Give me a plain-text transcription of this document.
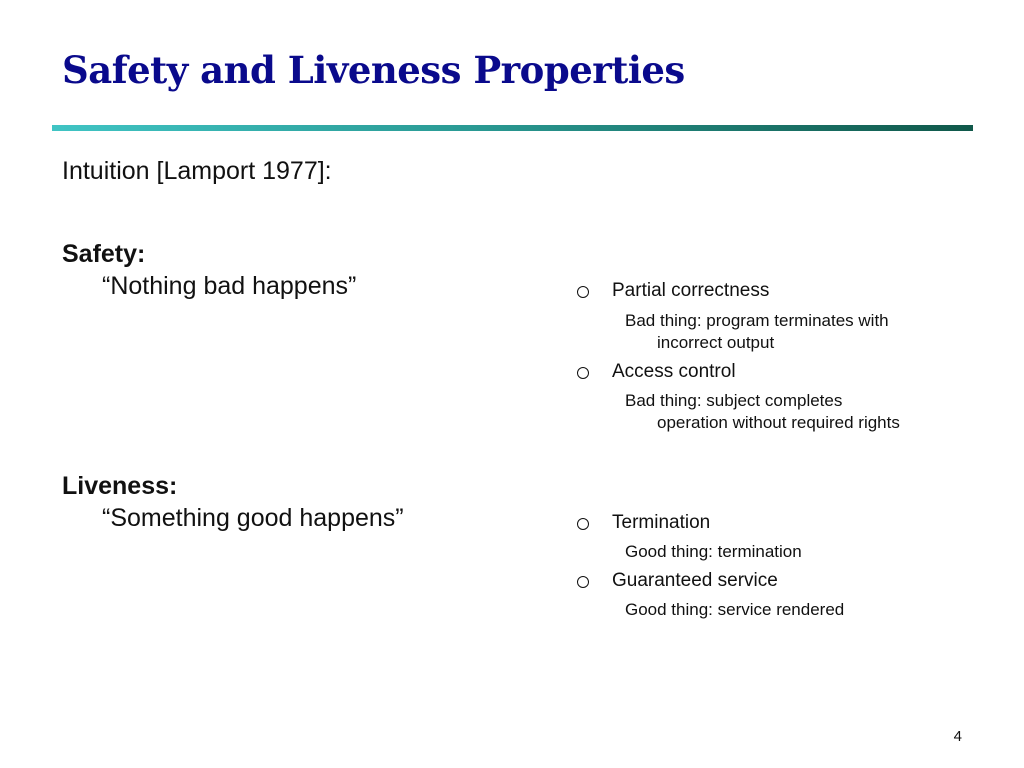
Safety and Liveness Properties
Intuition [Lamport 1977]:
Safety:
“Nothing bad happens”
Liveness:
“Something good happens”
Partial correctness
Bad thing: program terminates with
incorrect output
Access control
Bad thing: subject completes
operation without required rights
Termination
Good thing: termination
Guaranteed service
Good thing: service rendered
4
